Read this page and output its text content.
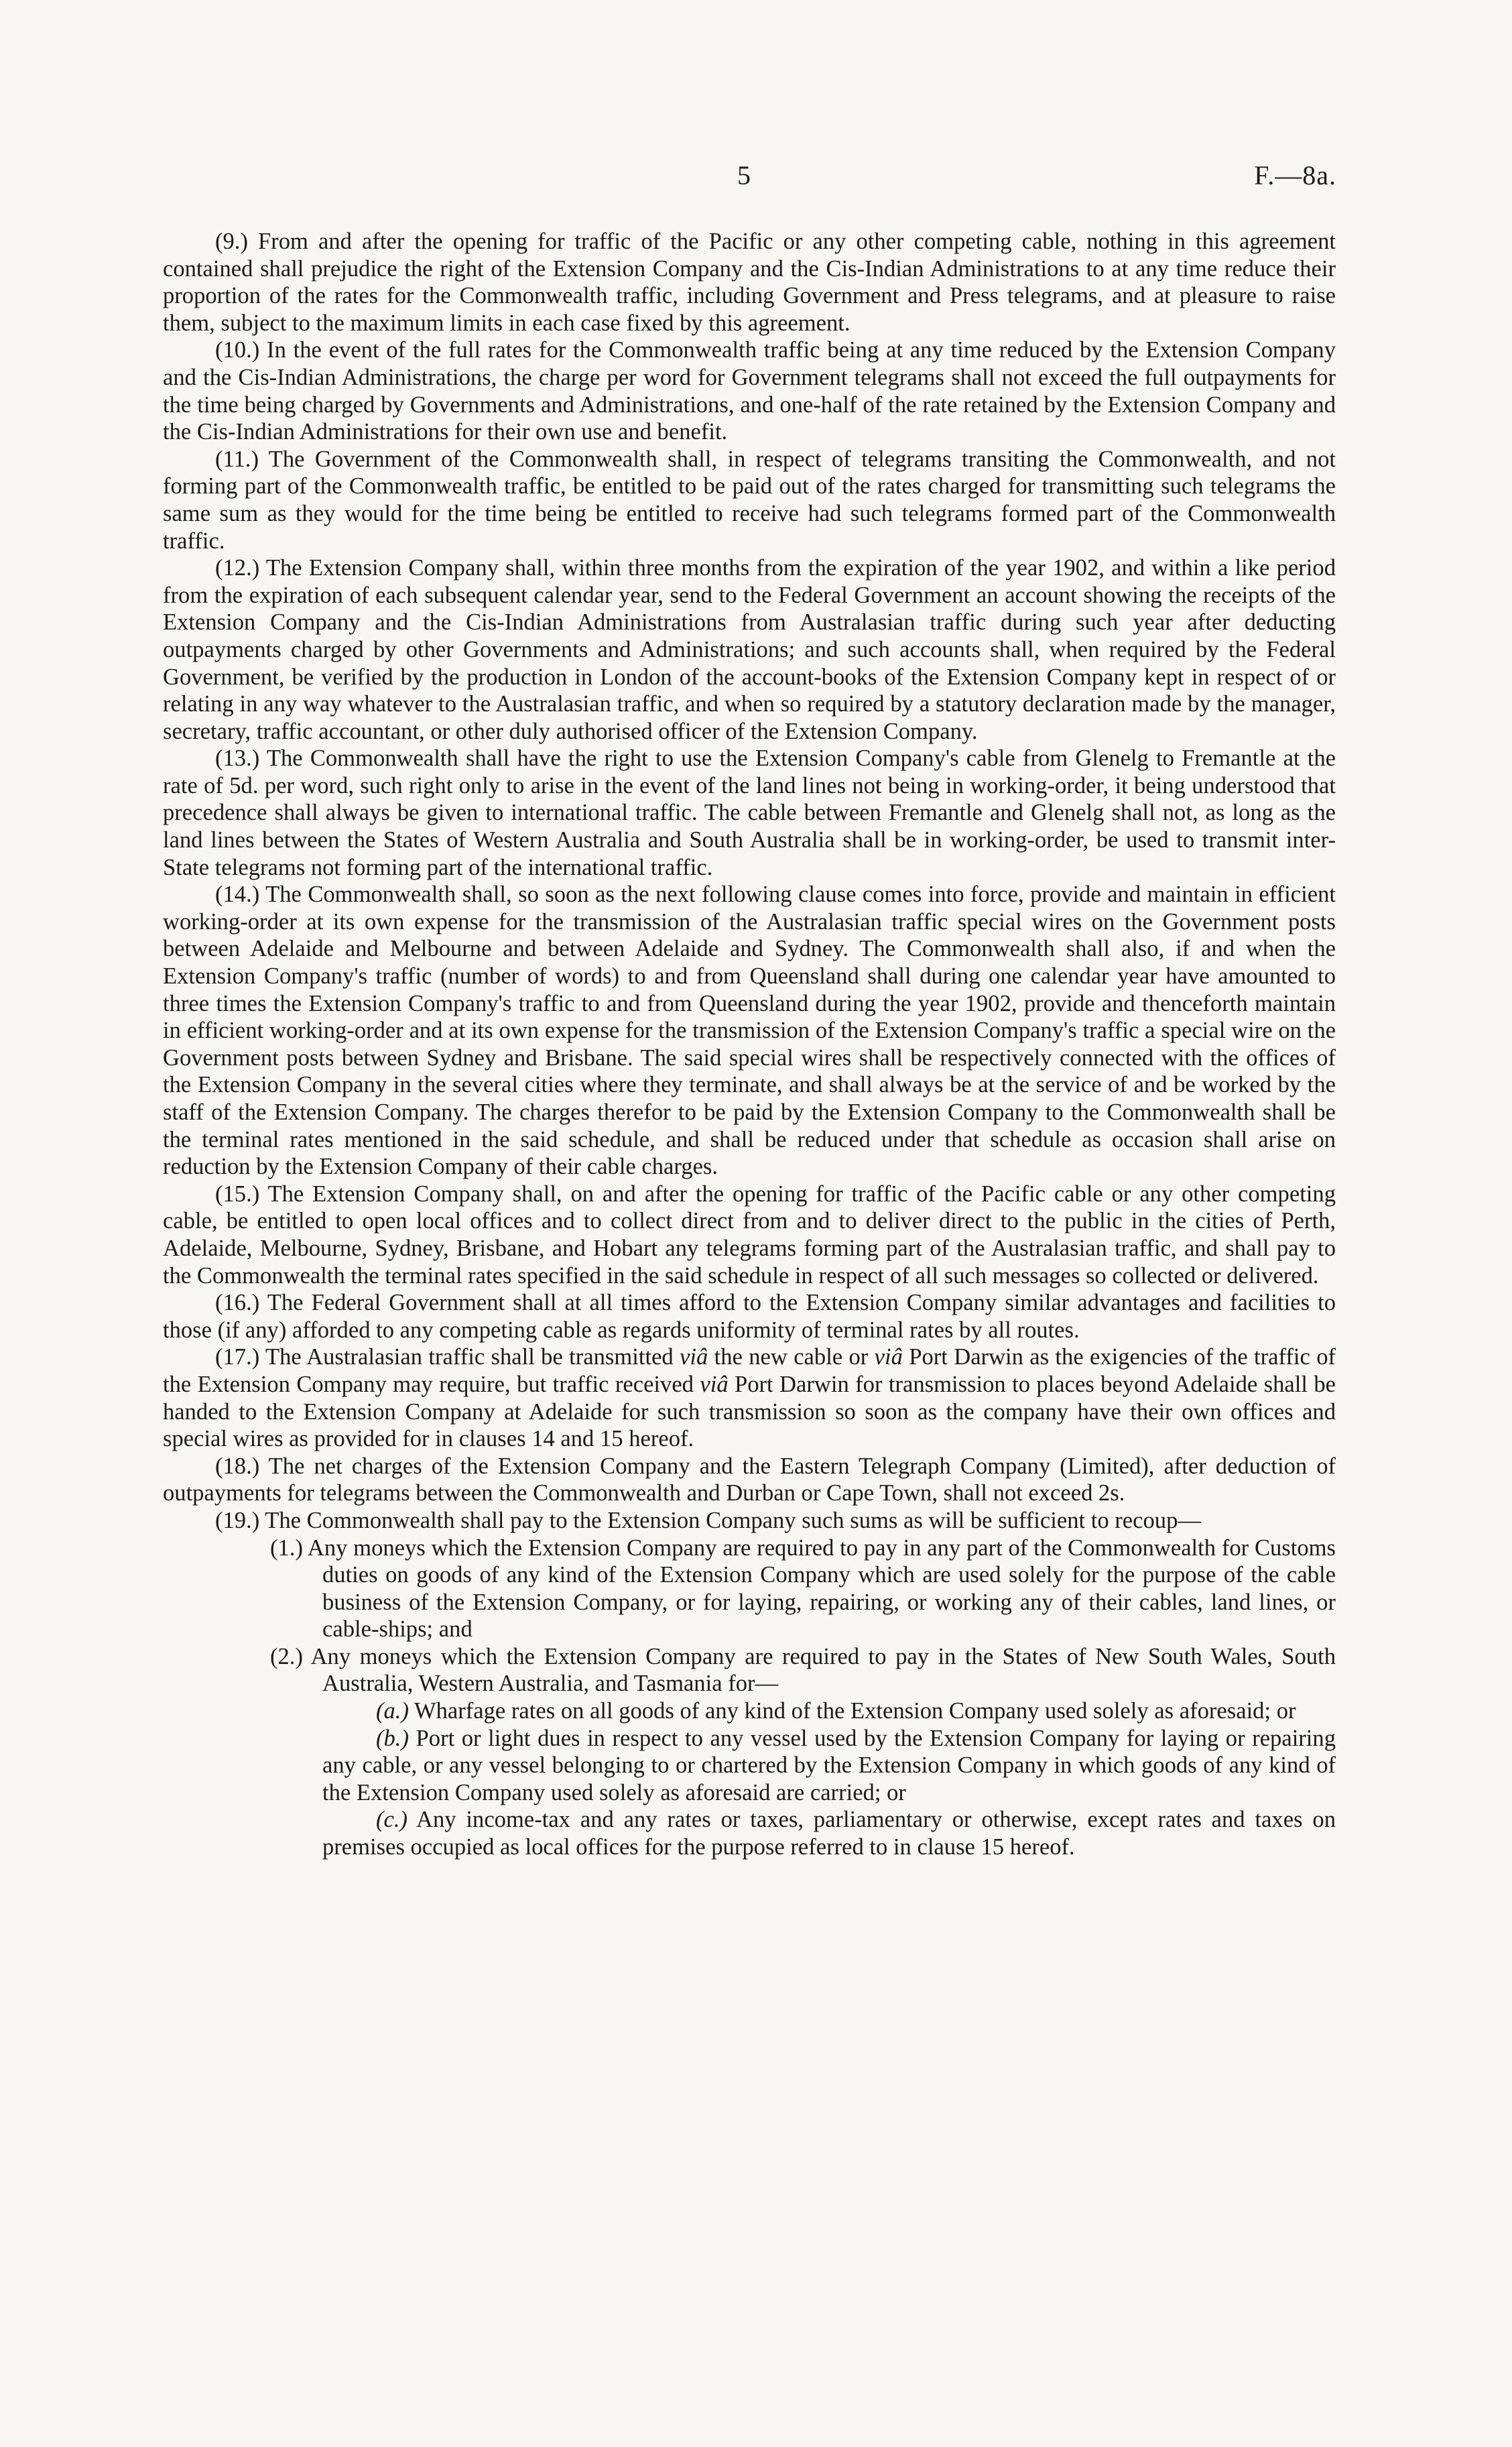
5	F.—8a.

(9.) From and after the opening for traffic of the Pacific or any other competing cable, nothing in this agreement contained shall prejudice the right of the Extension Company and the Cis-Indian Administrations to at any time reduce their proportion of the rates for the Commonwealth traffic, including Government and Press telegrams, and at pleasure to raise them, subject to the maximum limits in each case fixed by this agreement.

(10.) In the event of the full rates for the Commonwealth traffic being at any time reduced by the Extension Company and the Cis-Indian Administrations, the charge per word for Government telegrams shall not exceed the full outpayments for the time being charged by Governments and Administrations, and one-half of the rate retained by the Extension Company and the Cis-Indian Administrations for their own use and benefit.

(11.) The Government of the Commonwealth shall, in respect of telegrams transiting the Commonwealth, and not forming part of the Commonwealth traffic, be entitled to be paid out of the rates charged for transmitting such telegrams the same sum as they would for the time being be entitled to receive had such telegrams formed part of the Commonwealth traffic.

(12.) The Extension Company shall, within three months from the expiration of the year 1902, and within a like period from the expiration of each subsequent calendar year, send to the Federal Government an account showing the receipts of the Extension Company and the Cis-Indian Administrations from Australasian traffic during such year after deducting outpayments charged by other Governments and Administrations; and such accounts shall, when required by the Federal Government, be verified by the production in London of the account-books of the Extension Company kept in respect of or relating in any way whatever to the Australasian traffic, and when so required by a statutory declaration made by the manager, secretary, traffic accountant, or other duly authorised officer of the Extension Company.

(13.) The Commonwealth shall have the right to use the Extension Company's cable from Glenelg to Fremantle at the rate of 5d. per word, such right only to arise in the event of the land lines not being in working-order, it being understood that precedence shall always be given to international traffic. The cable between Fremantle and Glenelg shall not, as long as the land lines between the States of Western Australia and South Australia shall be in working-order, be used to transmit inter-State telegrams not forming part of the international traffic.

(14.) The Commonwealth shall, so soon as the next following clause comes into force, provide and maintain in efficient working-order at its own expense for the transmission of the Australasian traffic special wires on the Government posts between Adelaide and Melbourne and between Adelaide and Sydney. The Commonwealth shall also, if and when the Extension Company's traffic (number of words) to and from Queensland shall during one calendar year have amounted to three times the Extension Company's traffic to and from Queensland during the year 1902, provide and thenceforth maintain in efficient working-order and at its own expense for the transmission of the Extension Company's traffic a special wire on the Government posts between Sydney and Brisbane. The said special wires shall be respectively connected with the offices of the Extension Company in the several cities where they terminate, and shall always be at the service of and be worked by the staff of the Extension Company. The charges therefor to be paid by the Extension Company to the Commonwealth shall be the terminal rates mentioned in the said schedule, and shall be reduced under that schedule as occasion shall arise on reduction by the Extension Company of their cable charges.

(15.) The Extension Company shall, on and after the opening for traffic of the Pacific cable or any other competing cable, be entitled to open local offices and to collect direct from and to deliver direct to the public in the cities of Perth, Adelaide, Melbourne, Sydney, Brisbane, and Hobart any telegrams forming part of the Australasian traffic, and shall pay to the Commonwealth the terminal rates specified in the said schedule in respect of all such messages so collected or delivered.

(16.) The Federal Government shall at all times afford to the Extension Company similar advantages and facilities to those (if any) afforded to any competing cable as regards uniformity of terminal rates by all routes.

(17.) The Australasian traffic shall be transmitted viâ the new cable or viâ Port Darwin as the exigencies of the traffic of the Extension Company may require, but traffic received viâ Port Darwin for transmission to places beyond Adelaide shall be handed to the Extension Company at Adelaide for such transmission so soon as the company have their own offices and special wires as provided for in clauses 14 and 15 hereof.

(18.) The net charges of the Extension Company and the Eastern Telegraph Company (Limited), after deduction of outpayments for telegrams between the Commonwealth and Durban or Cape Town, shall not exceed 2s.

(19.) The Commonwealth shall pay to the Extension Company such sums as will be sufficient to recoup—

(1.) Any moneys which the Extension Company are required to pay in any part of the Commonwealth for Customs duties on goods of any kind of the Extension Company which are used solely for the purpose of the cable business of the Extension Company, or for laying, repairing, or working any of their cables, land lines, or cable-ships; and

(2.) Any moneys which the Extension Company are required to pay in the States of New South Wales, South Australia, Western Australia, and Tasmania for—

(a.) Wharfage rates on all goods of any kind of the Extension Company used solely as aforesaid; or

(b.) Port or light dues in respect to any vessel used by the Extension Company for laying or repairing any cable, or any vessel belonging to or chartered by the Extension Company in which goods of any kind of the Extension Company used solely as aforesaid are carried; or

(c.) Any income-tax and any rates or taxes, parliamentary or otherwise, except rates and taxes on premises occupied as local offices for the purpose referred to in clause 15 hereof.
